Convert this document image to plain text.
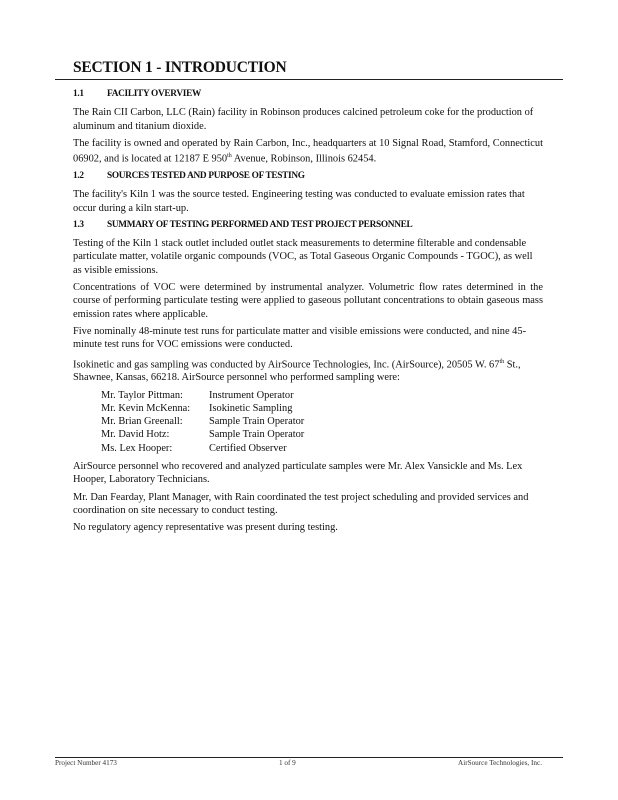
SECTION 1 - INTRODUCTION
1.1	FACILITY OVERVIEW

The Rain CII Carbon, LLC (Rain) facility in Robinson produces calcined petroleum coke for the production of aluminum and titanium dioxide.

The facility is owned and operated by Rain Carbon, Inc., headquarters at 10 Signal Road, Stamford, Connecticut 06902, and is located at 12187 E 950th Avenue, Robinson, Illinois 62454.

1.2	SOURCES TESTED AND PURPOSE OF TESTING

The facility's Kiln 1 was the source tested. Engineering testing was conducted to evaluate emission rates that occur during a kiln start-up.

1.3	SUMMARY OF TESTING PERFORMED AND TEST PROJECT PERSONNEL

Testing of the Kiln 1 stack outlet included outlet stack measurements to determine filterable and condensable particulate matter, volatile organic compounds (VOC, as Total Gaseous Organic Compounds - TGOC), as well as visible emissions.

Concentrations of VOC were determined by instrumental analyzer. Volumetric flow rates determined in the course of performing particulate testing were applied to gaseous pollutant concentrations to obtain gaseous mass emission rates where applicable.

Five nominally 48-minute test runs for particulate matter and visible emissions were conducted, and nine 45-minute test runs for VOC emissions were conducted.

Isokinetic and gas sampling was conducted by AirSource Technologies, Inc. (AirSource), 20505 W. 67th St., Shawnee, Kansas, 66218. AirSource personnel who performed sampling were:

Mr. Taylor Pittman:	Instrument Operator
Mr. Kevin McKenna:	Isokinetic Sampling
Mr. Brian Greenall:	Sample Train Operator
Mr. David Hotz:	Sample Train Operator
Ms. Lex Hooper:	Certified Observer

AirSource personnel who recovered and analyzed particulate samples were Mr. Alex Vansickle and Ms. Lex Hooper, Laboratory Technicians.

Mr. Dan Fearday, Plant Manager, with Rain coordinated the test project scheduling and provided services and coordination on site necessary to conduct testing.

No regulatory agency representative was present during testing.

Project Number 4173	1 of 9	AirSource Technologies, Inc.
